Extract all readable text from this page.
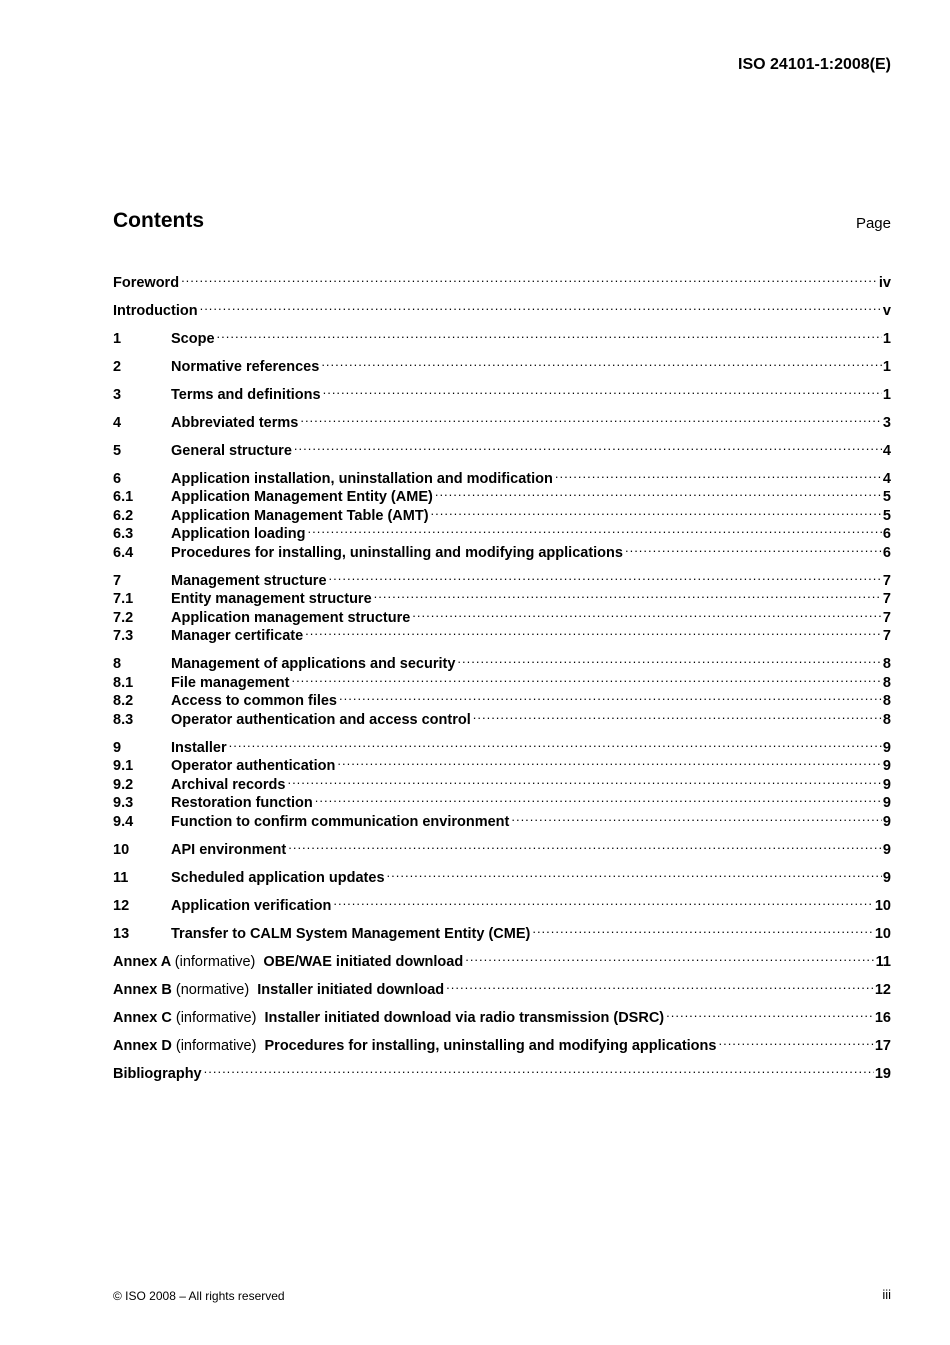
ISO 24101-1:2008(E)
Contents	Page
Foreword .....	iv
Introduction .....	v
1	Scope .....	1
2	Normative references .....	1
3	Terms and definitions .....	1
4	Abbreviated terms .....	3
5	General structure .....	4
6	Application installation, uninstallation and modification .....	4
6.1	Application Management Entity (AME) .....	5
6.2	Application Management Table (AMT) .....	5
6.3	Application loading .....	6
6.4	Procedures for installing, uninstalling and modifying applications .....	6
7	Management structure .....	7
7.1	Entity management structure .....	7
7.2	Application management structure .....	7
7.3	Manager certificate .....	7
8	Management of applications and security .....	8
8.1	File management .....	8
8.2	Access to common files .....	8
8.3	Operator authentication and access control .....	8
9	Installer .....	9
9.1	Operator authentication .....	9
9.2	Archival records .....	9
9.3	Restoration function .....	9
9.4	Function to confirm communication environment .....	9
10	API environment .....	9
11	Scheduled application updates .....	9
12	Application verification .....	10
13	Transfer to CALM System Management Entity (CME) .....	10
Annex A (informative) OBE/WAE initiated download .....	11
Annex B (normative) Installer initiated download .....	12
Annex C (informative) Installer initiated download via radio transmission (DSRC) .....	16
Annex D (informative) Procedures for installing, uninstalling and modifying applications .....	17
Bibliography .....	19
© ISO 2008 – All rights reserved	iii
